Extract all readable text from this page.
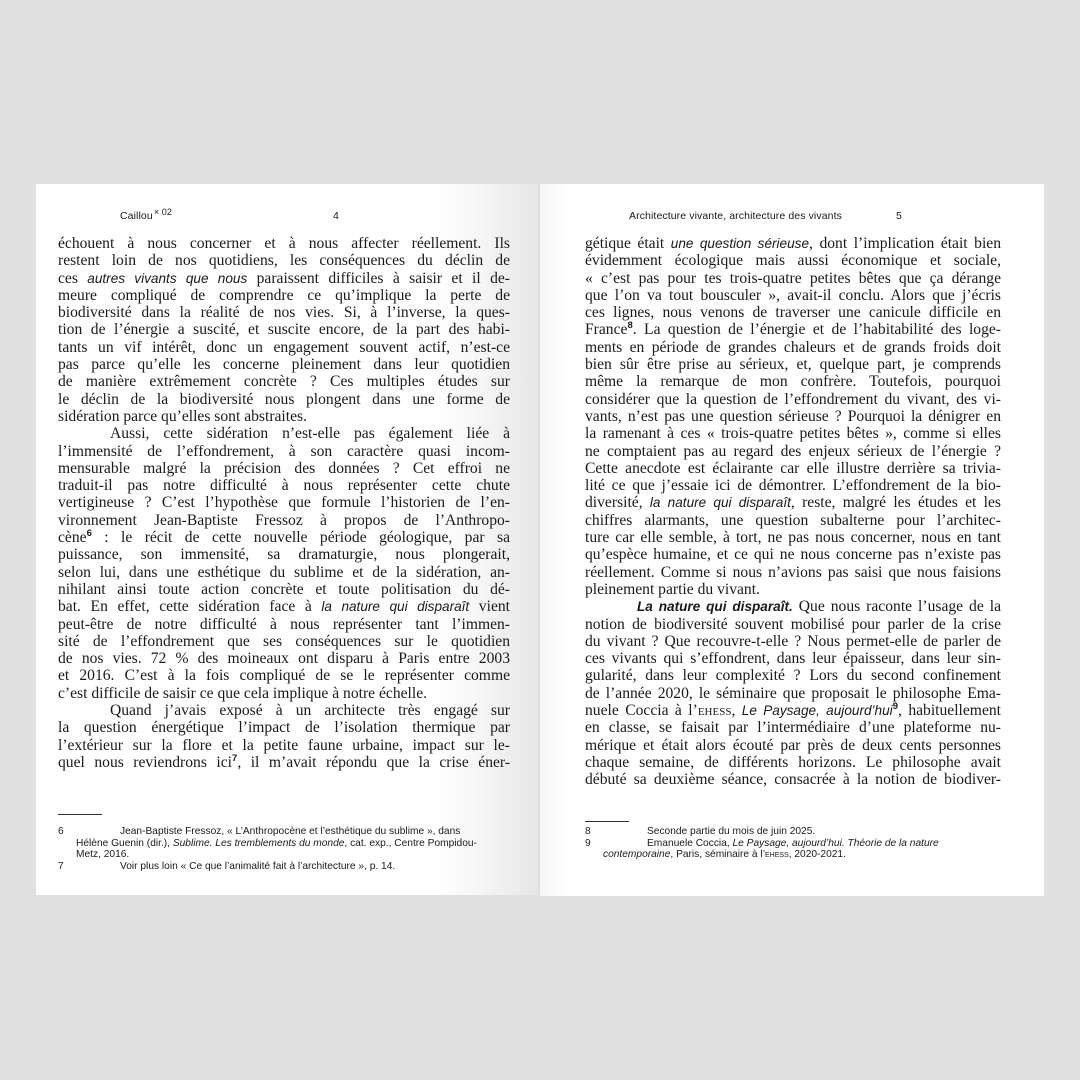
Caillou$^{\times 02}$	4
échouent à nous concerner et à nous affecter réellement. Ils
restent loin de nos quotidiens, les conséquences du déclin de
ces autres vivants que nous paraissent difficiles à saisir et il de-
meure compliqué de comprendre ce qu’implique la perte de
biodiversité dans la réalité de nos vies. Si, à l’inverse, la ques-
tion de l’énergie a suscité, et suscite encore, de la part des habi-
tants un vif intérêt, donc un engagement souvent actif, n’est-ce
pas parce qu’elle les concerne pleinement dans leur quotidien
de manière extrêmement concrète ? Ces multiples études sur
le déclin de la biodiversité nous plongent dans une forme de
sidération parce qu’elles sont abstraites.
Aussi, cette sidération n’est-elle pas également liée à
l’immensité de l’effondrement, à son caractère quasi incom-
mensurable malgré la précision des données ? Cet effroi ne
traduit-il pas notre difficulté à nous représenter cette chute
vertigineuse ? C’est l’hypothèse que formule l’historien de l’en-
vironnement Jean-Baptiste Fressoz à propos de l’Anthropo-
cène$^6$ : le récit de cette nouvelle période géologique, par sa
puissance, son immensité, sa dramaturgie, nous plongerait,
selon lui, dans une esthétique du sublime et de la sidération, an-
nihilant ainsi toute action concrète et toute politisation du dé-
bat. En effet, cette sidération face à la nature qui disparaît vient
peut-être de notre difficulté à nous représenter tant l’immen-
sité de l’effondrement que ses conséquences sur le quotidien
de nos vies. 72 % des moineaux ont disparu à Paris entre 2003
et 2016. C’est à la fois compliqué de se le représenter comme
c’est difficile de saisir ce que cela implique à notre échelle.
Quand j’avais exposé à un architecte très engagé sur
la question énergétique l’impact de l’isolation thermique par
l’extérieur sur la flore et la petite faune urbaine, impact sur le-
quel nous reviendrons ici$^7$, il m’avait répondu que la crise éner-
6	Jean-Baptiste Fressoz, « L’Anthropocène et l’esthétique du sublime », dans Hélène Guenin (dir.), Sublime. Les tremblements du monde, cat. exp., Centre Pompidou-Metz, 2016.
7	Voir plus loin « Ce que l’animalité fait à l’architecture », p. 14.
Architecture vivante, architecture des vivants	5
gétique était une question sérieuse, dont l’implication était bien
évidemment écologique mais aussi économique et sociale,
« c’est pas pour tes trois-quatre petites bêtes que ça dérange
que l’on va tout bousculer », avait-il conclu. Alors que j’écris
ces lignes, nous venons de traverser une canicule difficile en
France$^8$. La question de l’énergie et de l’habitabilité des loge-
ments en période de grandes chaleurs et de grands froids doit
bien sûr être prise au sérieux, et, quelque part, je comprends
même la remarque de mon confrère. Toutefois, pourquoi
considérer que la question de l’effondrement du vivant, des vi-
vants, n’est pas une question sérieuse ? Pourquoi la dénigrer en
la ramenant à ces « trois-quatre petites bêtes », comme si elles
ne comptaient pas au regard des enjeux sérieux de l’énergie ?
Cette anecdote est éclairante car elle illustre derrière sa trivia-
lité ce que j’essaie ici de démontrer. L’effondrement de la bio-
diversité, la nature qui disparaît, reste, malgré les études et les
chiffres alarmants, une question subalterne pour l’architec-
ture car elle semble, à tort, ne pas nous concerner, nous en tant
qu’espèce humaine, et ce qui ne nous concerne pas n’existe pas
réellement. Comme si nous n’avions pas saisi que nous faisions
pleinement partie du vivant.
La nature qui disparaît. Que nous raconte l’usage de la
notion de biodiversité souvent mobilisé pour parler de la crise
du vivant ? Que recouvre-t-elle ? Nous permet-elle de parler de
ces vivants qui s’effondrent, dans leur épaisseur, dans leur sin-
gularité, dans leur complexité ? Lors du second confinement
de l’année 2020, le séminaire que proposait le philosophe Ema-
nuele Coccia à l’ehess, Le Paysage, aujourd’hui$^9$, habituellement
en classe, se faisait par l’intermédiaire d’une plateforme nu-
mérique et était alors écouté par près de deux cents personnes
chaque semaine, de différents horizons. Le philosophe avait
débuté sa deuxième séance, consacrée à la notion de biodiver-
8	Seconde partie du mois de juin 2025.
9	Emanuele Coccia, Le Paysage, aujourd’hui. Théorie de la nature contemporaine, Paris, séminaire à l’ehess, 2020-2021.
